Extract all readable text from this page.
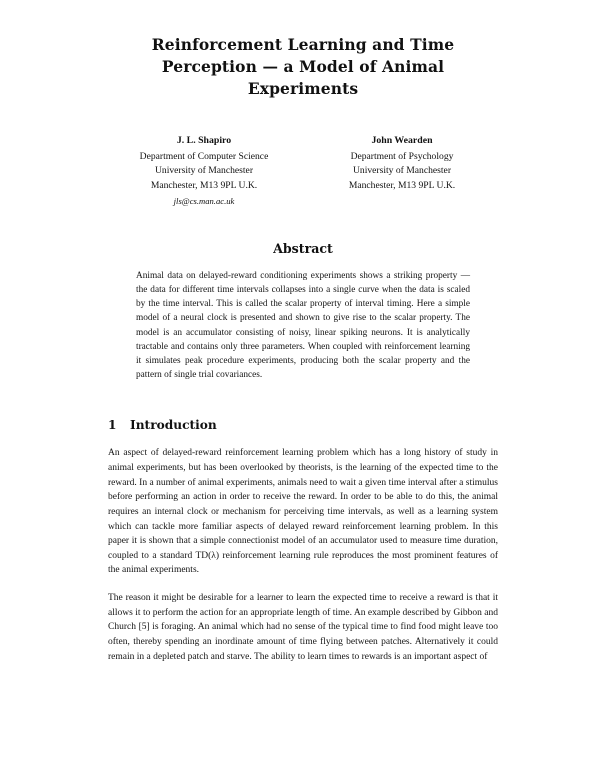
Reinforcement Learning and Time Perception — a Model of Animal Experiments
J. L. Shapiro
Department of Computer Science
University of Manchester
Manchester, M13 9PL U.K.
jls@cs.man.ac.uk
John Wearden
Department of Psychology
University of Manchester
Manchester, M13 9PL U.K.
Abstract
Animal data on delayed-reward conditioning experiments shows a striking property — the data for different time intervals collapses into a single curve when the data is scaled by the time interval. This is called the scalar property of interval timing. Here a simple model of a neural clock is presented and shown to give rise to the scalar property. The model is an accumulator consisting of noisy, linear spiking neurons. It is analytically tractable and contains only three parameters. When coupled with reinforcement learning it simulates peak procedure experiments, producing both the scalar property and the pattern of single trial covariances.
1 Introduction

An aspect of delayed-reward reinforcement learning problem which has a long history of study in animal experiments, but has been overlooked by theorists, is the learning of the expected time to the reward. In a number of animal experiments, animals need to wait a given time interval after a stimulus before performing an action in order to receive the reward. In order to be able to do this, the animal requires an internal clock or mechanism for perceiving time intervals, as well as a learning system which can tackle more familiar aspects of delayed reward reinforcement learning problem. In this paper it is shown that a simple connectionist model of an accumulator used to measure time duration, coupled to a standard TD(λ) reinforcement learning rule reproduces the most prominent features of the animal experiments.

The reason it might be desirable for a learner to learn the expected time to receive a reward is that it allows it to perform the action for an appropriate length of time. An example described by Gibbon and Church [5] is foraging. An animal which had no sense of the typical time to find food might leave too often, thereby spending an inordinate amount of time flying between patches. Alternatively it could remain in a depleted patch and starve. The ability to learn times to rewards is an important aspect of
